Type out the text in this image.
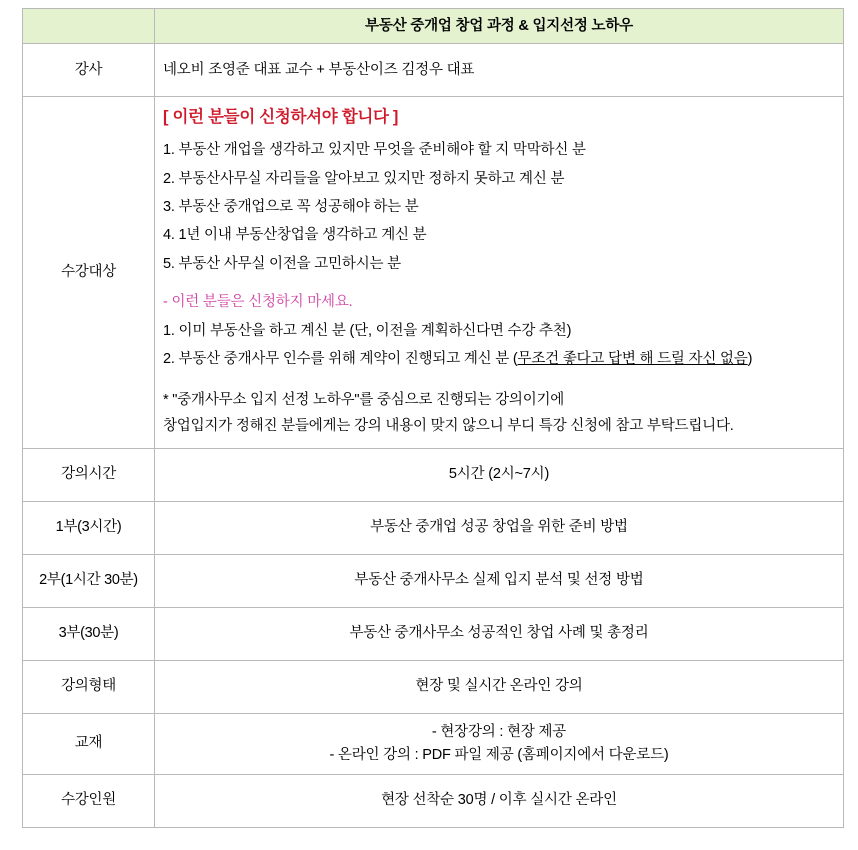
	부동산 중개업 창업 과정 & 입지선정 노하우
강사	네오비 조영준 대표 교수 + 부동산이즈 김정우 대표
수강대상	
[ 이런 분들이 신청하셔야 합니다 ]
1. 부동산 개업을 생각하고 있지만 무엇을 준비해야 할 지 막막하신 분
2. 부동산사무실 자리들을 알아보고 있지만 정하지 못하고 계신 분
3. 부동산 중개업으로 꼭 성공해야 하는 분
4. 1년 이내 부동산창업을 생각하고 계신 분
5. 부동산 사무실 이전을 고민하시는 분
- 이런 분들은 신청하지 마세요.
1. 이미 부동산을 하고 계신 분 (단, 이전을 계획하신다면 수강 추천)
2. 부동산 중개사무 인수를 위해 계약이 진행되고 계신 분 (무조건 좋다고 답변 해 드릴 자신 없음)
* "중개사무소 입지 선정 노하우"를 중심으로 진행되는 강의이기에
창업입지가 정해진 분들에게는 강의 내용이 맞지 않으니 부디 특강 신청에 참고 부탁드립니다.

강의시간	5시간 (2시~7시)
1부(3시간)	부동산 중개업 성공 창업을 위한 준비 방법
2부(1시간 30분)	부동산 중개사무소 실제 입지 분석 및 선정 방법
3부(30분)	부동산 중개사무소 성공적인 창업 사례 및 총정리
강의형태	현장 및 실시간 온라인 강의
교재	- 현장강의 : 현장 제공
- 온라인 강의 : PDF 파일 제공 (홈페이지에서 다운로드)

수강인원	현장 선착순 30명 / 이후 실시간 온라인
